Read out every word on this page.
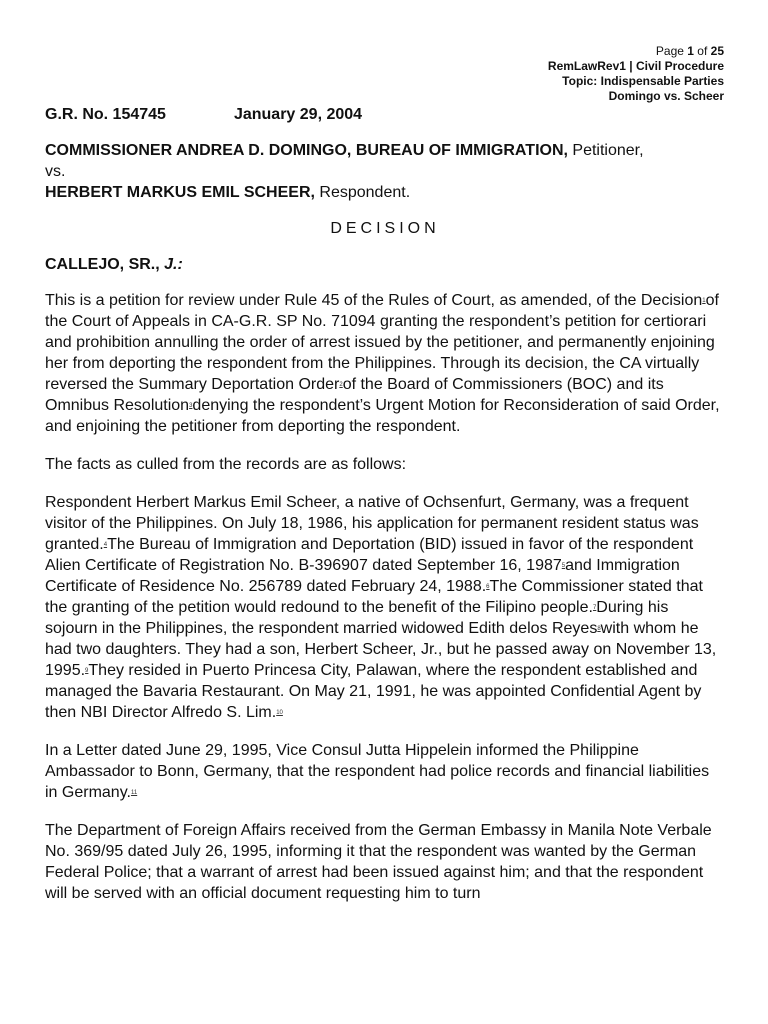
Page 1 of 25
RemLawRev1 | Civil Procedure
Topic: Indispensable Parties
Domingo vs. Scheer
G.R. No. 154745	January 29, 2004
COMMISSIONER ANDREA D. DOMINGO, BUREAU OF IMMIGRATION, Petitioner,
vs.
HERBERT MARKUS EMIL SCHEER, Respondent.
DECISION
CALLEJO, SR., J.:

This is a petition for review under Rule 45 of the Rules of Court, as amended, of the Decision$^1$of the Court of Appeals in CA-G.R. SP No. 71094 granting the respondent’s petition for certiorari and prohibition annulling the order of arrest issued by the petitioner, and permanently enjoining her from deporting the respondent from the Philippines. Through its decision, the CA virtually reversed the Summary Deportation Order$^2$of the Board of Commissioners (BOC) and its Omnibus Resolution$^3$denying the respondent’s Urgent Motion for Reconsideration of said Order, and enjoining the petitioner from deporting the respondent.

The facts as culled from the records are as follows:

Respondent Herbert Markus Emil Scheer, a native of Ochsenfurt, Germany, was a frequent visitor of the Philippines. On July 18, 1986, his application for permanent resident status was granted.$^4$The Bureau of Immigration and Deportation (BID) issued in favor of the respondent Alien Certificate of Registration No. B-396907 dated September 16, 1987$^5$and Immigration Certificate of Residence No. 256789 dated February 24, 1988.$^6$The Commissioner stated that the granting of the petition would redound to the benefit of the Filipino people.$^7$During his sojourn in the Philippines, the respondent married widowed Edith delos Reyes$^8$with whom he had two daughters. They had a son, Herbert Scheer, Jr., but he passed away on November 13, 1995.$^9$They resided in Puerto Princesa City, Palawan, where the respondent established and managed the Bavaria Restaurant. On May 21, 1991, he was appointed Confidential Agent by then NBI Director Alfredo S. Lim.$^{10}$

In a Letter dated June 29, 1995, Vice Consul Jutta Hippelein informed the Philippine Ambassador to Bonn, Germany, that the respondent had police records and financial liabilities in Germany.$^{11}$

The Department of Foreign Affairs received from the German Embassy in Manila Note Verbale No. 369/95 dated July 26, 1995, informing it that the respondent was wanted by the German Federal Police; that a warrant of arrest had been issued against him; and that the respondent will be served with an official document requesting him to turn
